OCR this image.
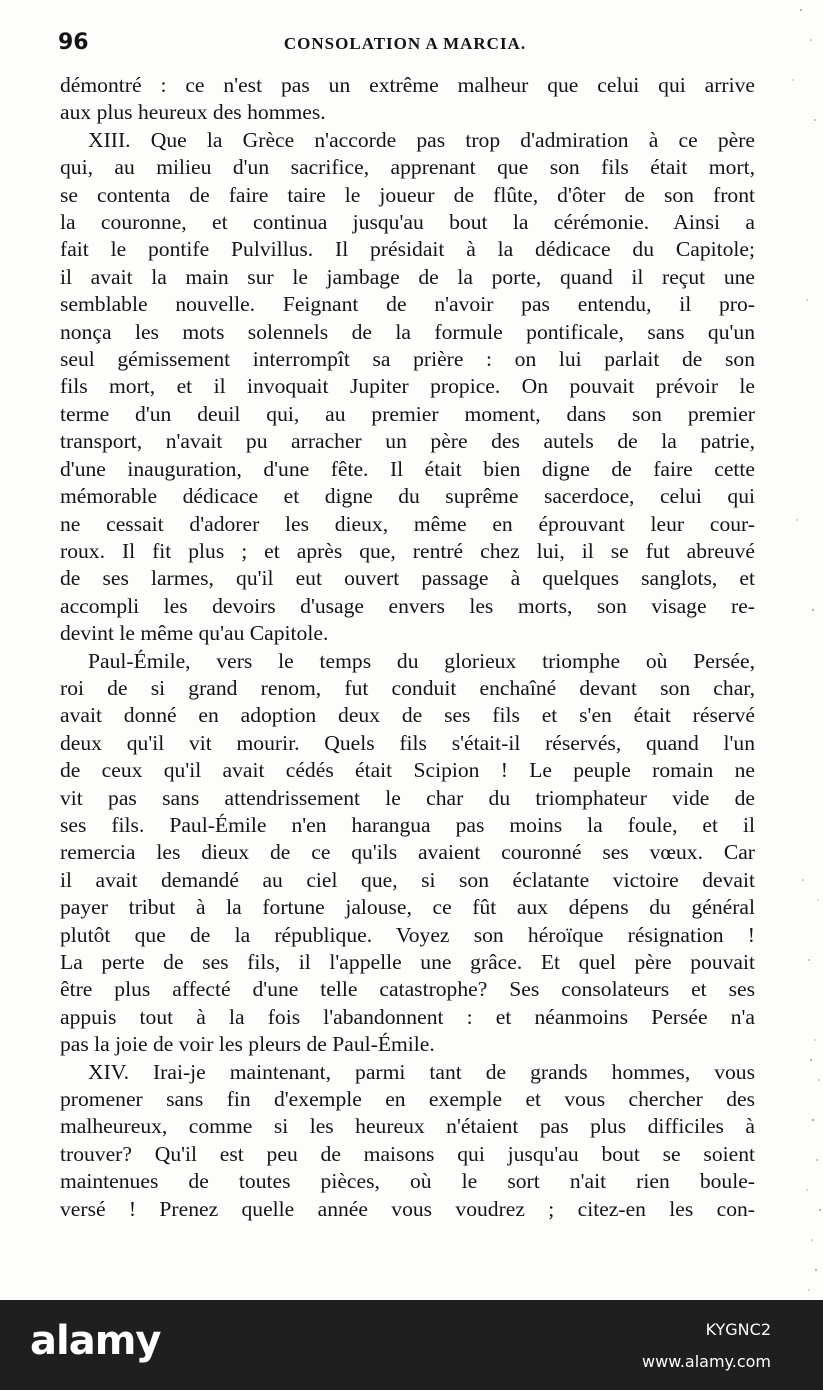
96	CONSOLATION A MARCIA.

démontré : ce n'est pas un extrême malheur que celui qui arrive

aux plus heureux des hommes.

XIII. Que la Grèce n'accorde pas trop d'admiration à ce père

qui, au milieu d'un sacrifice, apprenant que son fils était mort,

se contenta de faire taire le joueur de flûte, d'ôter de son front

la couronne, et continua jusqu'au bout la cérémonie. Ainsi a

fait le pontife Pulvillus. Il présidait à la dédicace du Capitole;

il avait la main sur le jambage de la porte, quand il reçut une

semblable nouvelle. Feignant de n'avoir pas entendu, il pro-

nonça les mots solennels de la formule pontificale, sans qu'un

seul gémissement interrompît sa prière : on lui parlait de son

fils mort, et il invoquait Jupiter propice. On pouvait prévoir le

terme d'un deuil qui, au premier moment, dans son premier

transport, n'avait pu arracher un père des autels de la patrie,

d'une inauguration, d'une fête. Il était bien digne de faire cette

mémorable dédicace et digne du suprême sacerdoce, celui qui

ne cessait d'adorer les dieux, même en éprouvant leur cour-

roux. Il fit plus ; et après que, rentré chez lui, il se fut abreuvé

de ses larmes, qu'il eut ouvert passage à quelques sanglots, et

accompli les devoirs d'usage envers les morts, son visage re-

devint le même qu'au Capitole.

Paul-Émile, vers le temps du glorieux triomphe où Persée,

roi de si grand renom, fut conduit enchaîné devant son char,

avait donné en adoption deux de ses fils et s'en était réservé

deux qu'il vit mourir. Quels fils s'était-il réservés, quand l'un

de ceux qu'il avait cédés était Scipion ! Le peuple romain ne

vit pas sans attendrissement le char du triomphateur vide de

ses fils. Paul-Émile n'en harangua pas moins la foule, et il

remercia les dieux de ce qu'ils avaient couronné ses vœux. Car

il avait demandé au ciel que, si son éclatante victoire devait

payer tribut à la fortune jalouse, ce fût aux dépens du général

plutôt que de la république. Voyez son héroïque résignation !

La perte de ses fils, il l'appelle une grâce. Et quel père pouvait

être plus affecté d'une telle catastrophe? Ses consolateurs et ses

appuis tout à la fois l'abandonnent : et néanmoins Persée n'a

pas la joie de voir les pleurs de Paul-Émile.

XIV. Irai-je maintenant, parmi tant de grands hommes, vous

promener sans fin d'exemple en exemple et vous chercher des

malheureux, comme si les heureux n'étaient pas plus difficiles à

trouver? Qu'il est peu de maisons qui jusqu'au bout se soient

maintenues de toutes pièces, où le sort n'ait rien boule-

versé ! Prenez quelle année vous voudrez ; citez-en les con-

alamy	KYGNC2
www.alamy.com
